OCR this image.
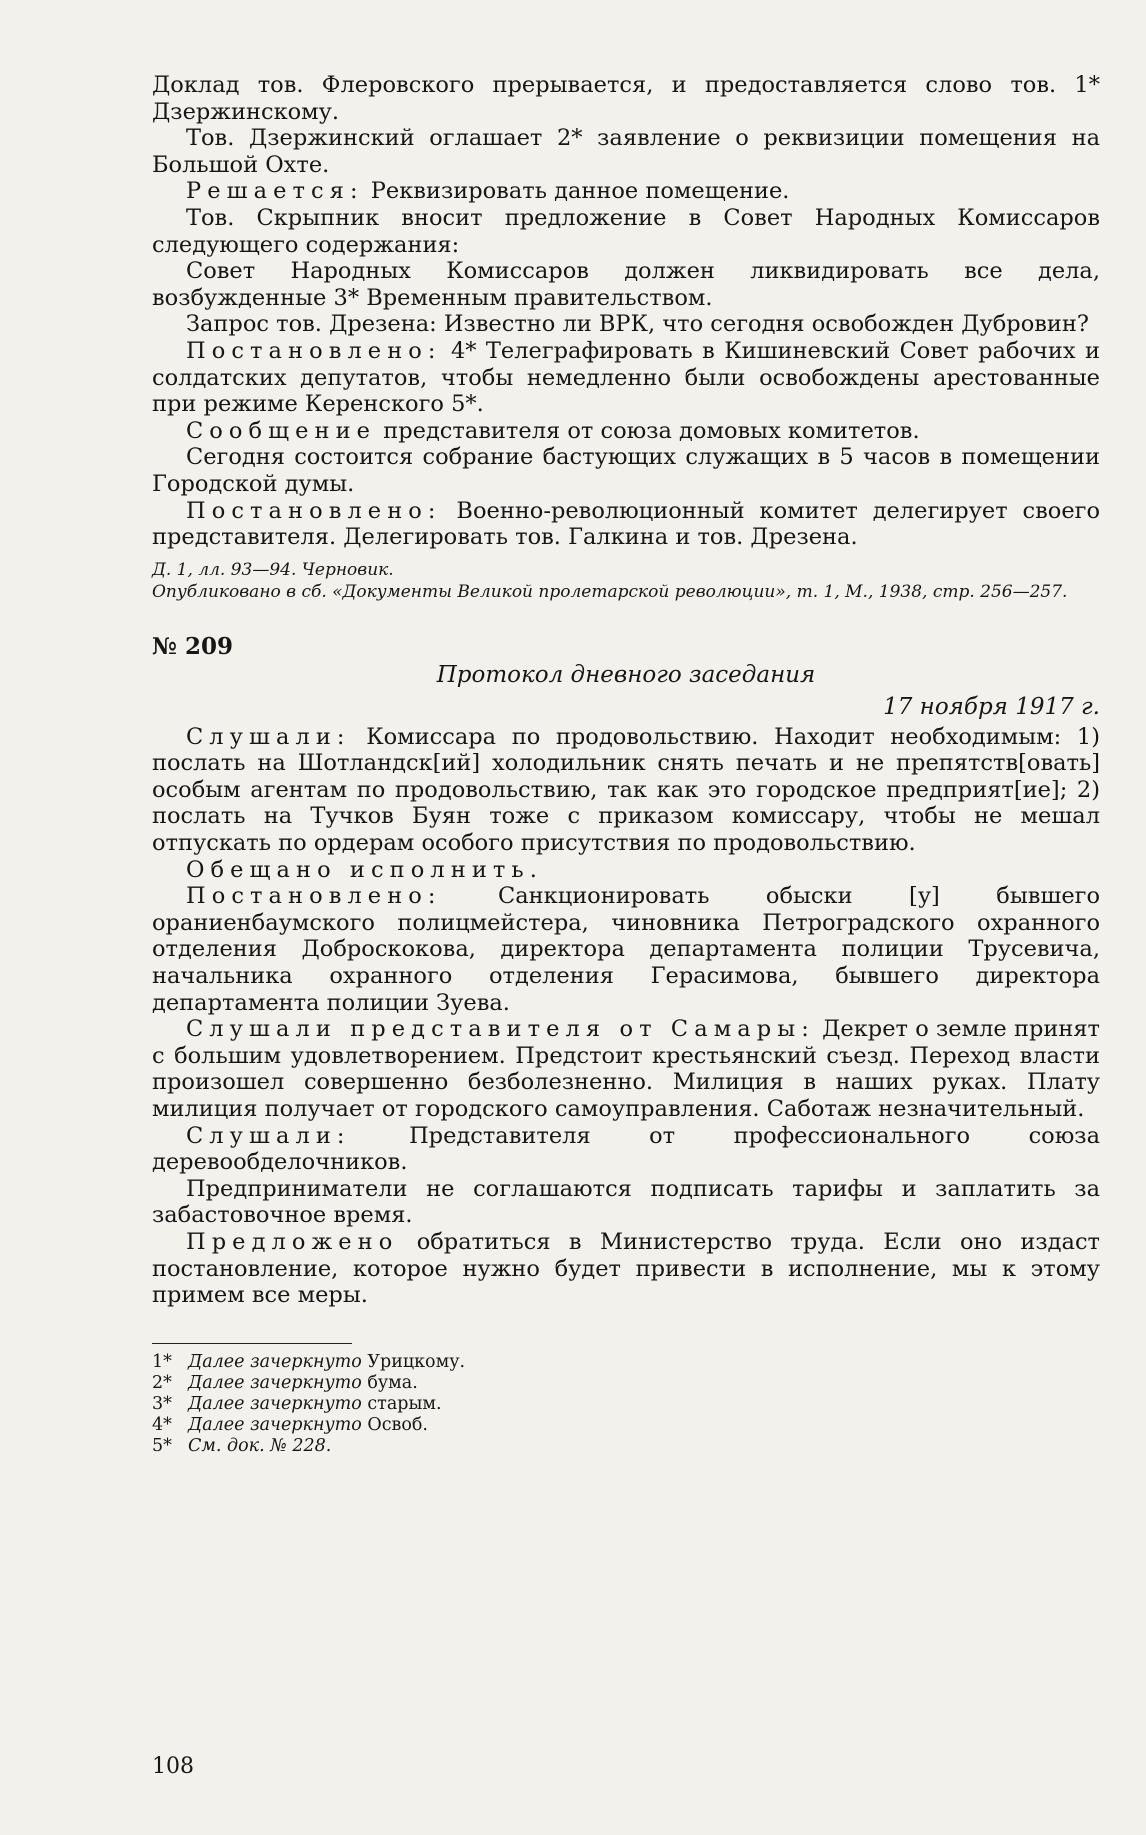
Доклад тов. Флеровского прерывается, и предоставляется слово тов. 1* Дзержинскому.

Тов. Дзержинский оглашает 2* заявление о реквизиции помещения на Большой Охте.

Решается: Реквизировать данное помещение.

Тов. Скрыпник вносит предложение в Совет Народных Комиссаров следующего содержания:

Совет Народных Комиссаров должен ликвидировать все дела, возбужденные 3* Временным правительством.

Запрос тов. Дрезена: Известно ли ВРК, что сегодня освобожден Дубровин?

Постановлено: 4* Телеграфировать в Кишиневский Совет рабочих и солдатских депутатов, чтобы немедленно были освобождены арестованные при режиме Керенского 5*.

Сообщение представителя от союза домовых комитетов.

Сегодня состоится собрание бастующих служащих в 5 часов в помещении Городской думы.

Постановлено: Военно-революционный комитет делегирует своего представителя. Делегировать тов. Галкина и тов. Дрезена.

Д. 1, лл. 93—94. Черновик.

Опубликовано в сб. «Документы Великой пролетарской революции», т. 1, М., 1938, стр. 256—257.

№ 209

Протокол дневного заседания

17 ноября 1917 г.

Слушали: Комиссара по продовольствию. Находит необходимым: 1) послать на Шотландск[ий] холодильник снять печать и не препятств[овать] особым агентам по продовольствию, так как это городское предприят[ие]; 2) послать на Тучков Буян тоже с приказом комиссару, чтобы не мешал отпускать по ордерам особого присутствия по продовольствию.

Обещано исполнить.

Постановлено:	Санкционировать обыски [у] бывшего ораниенбаумского полицмейстера, чиновника Петроградского охранного отделения Доброскокова, директора департамента полиции Трусевича, начальника охранного отделения Герасимова, бывшего директора департамента полиции Зуева.

Слушали представителя от Самары: Декрет о земле принят с большим удовлетворением. Предстоит крестьянский съезд. Переход власти произошел совершенно безболезненно. Милиция в наших руках. Плату милиция получает от городского самоуправления. Саботаж незначительный.

Слушали:	Представителя от профессионального союза деревообделочников.

Предприниматели не соглашаются подписать тарифы и заплатить за забастовочное время.

Предложено обратиться в Министерство труда. Если оно издаст постановление, которое нужно будет привести в исполнение, мы к этому примем все меры.

1* Далее зачеркнуто Урицкому.

2* Далее зачеркнуто бума.

3* Далее зачеркнуто старым.

4* Далее зачеркнуто Освоб.

5* См. док. № 228.

108
